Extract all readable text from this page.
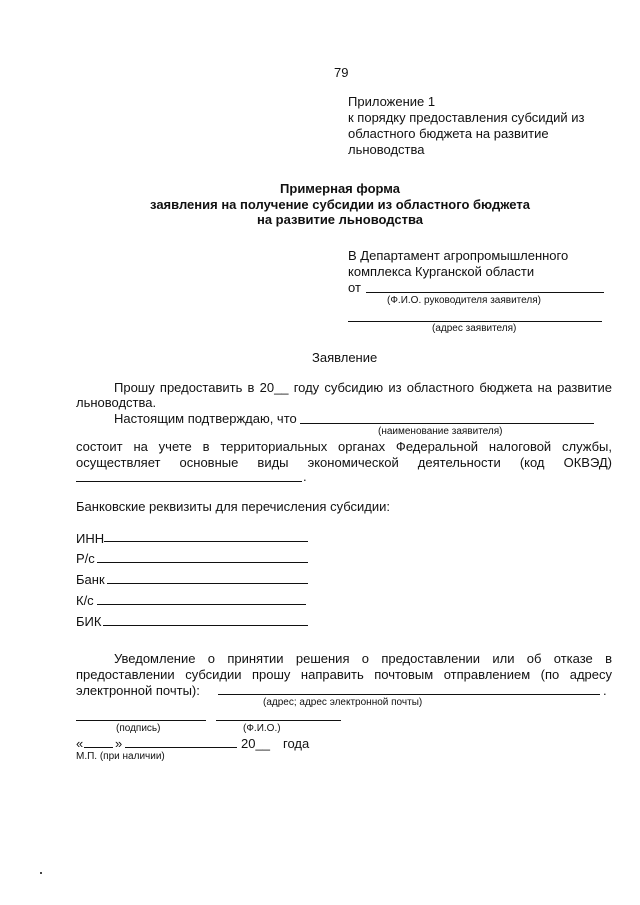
79
Приложение 1
к порядку предоставления субсидий из
областного бюджета на развитие
льноводства
Примерная форма
заявления на получение субсидии из областного бюджета
на развитие льноводства
В Департамент агропромышленного
комплекса Курганской области
от
(Ф.И.О. руководителя заявителя)
(адрес заявителя)
Заявление
Прошу предоставить в 20__ году субсидию из областного бюджета на развитие
льноводства.
Настоящим подтверждаю, что
(наименование заявителя)
состоит на учете в территориальных органах Федеральной налоговой службы,
осуществляет основные виды экономической деятельности (код ОКВЭД)
.
Банковские реквизиты для перечисления субсидии:
ИНН
Р/с
Банк
К/с
БИК
Уведомление о принятии решения о предоставлении или об отказе в
предоставлении субсидии прошу направить почтовым отправлением (по адресу
электронной почты):	.
(адрес; адрес электронной почты)
(подпись)	(Ф.И.О.)
« »	20__ года
М.П. (при наличии)
